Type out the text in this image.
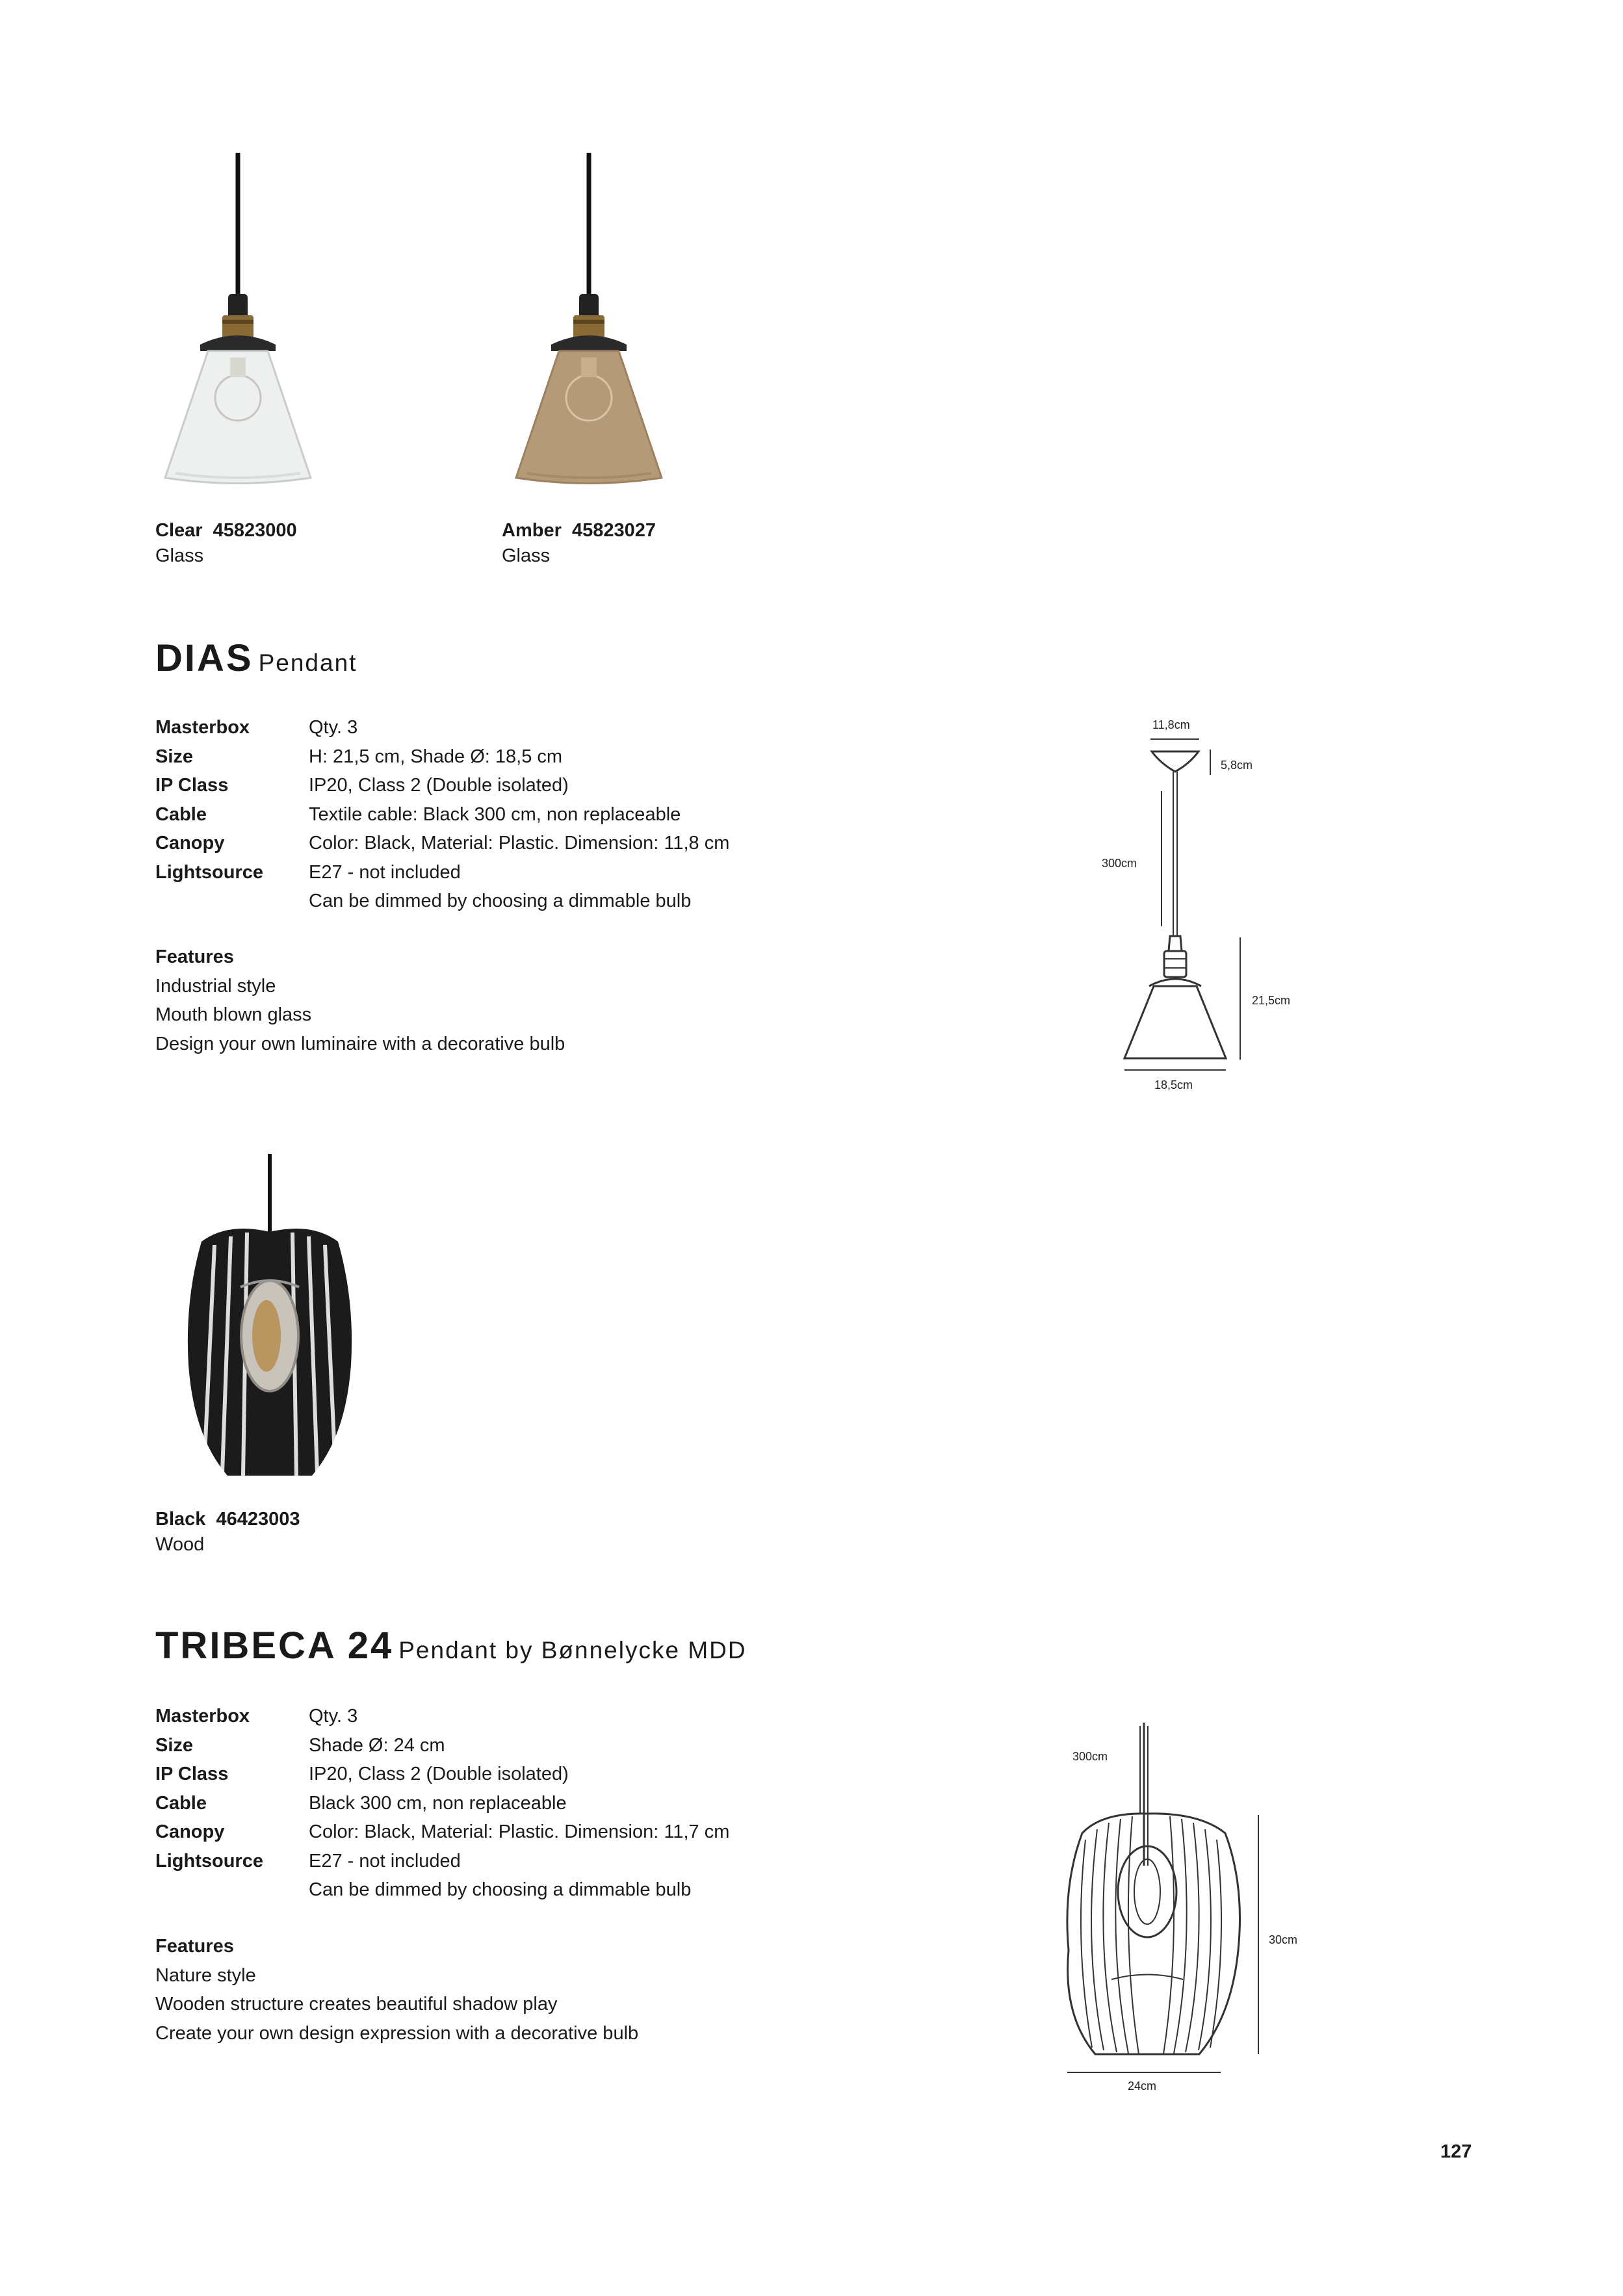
Clear  45823000
Glass
Amber  45823027
Glass
DIAS Pendant
Masterbox	Qty. 3
Size	H: 21,5 cm, Shade Ø: 18,5 cm
IP Class	IP20, Class 2 (Double isolated)
Cable	Textile cable: Black 300 cm, non replaceable
Canopy	Color: Black, Material: Plastic. Dimension: 11,8 cm
Lightsource	E27 - not included
Can be dimmed by choosing a dimmable bulb
Features
Industrial style
Mouth blown glass
Design your own luminaire with a decorative bulb
11,8cm
5,8cm
300cm
21,5cm
18,5cm
Black  46423003
Wood
TRIBECA 24 Pendant by Bønnelycke MDD
Masterbox	Qty. 3
Size	Shade Ø: 24 cm
IP Class	IP20, Class 2 (Double isolated)
Cable	Black 300 cm, non replaceable
Canopy	Color: Black, Material: Plastic. Dimension: 11,7 cm
Lightsource	E27 - not included
Can be dimmed by choosing a dimmable bulb
Features
Nature style
Wooden structure creates beautiful shadow play
Create your own design expression with a decorative bulb
300cm
30cm
24cm
127
